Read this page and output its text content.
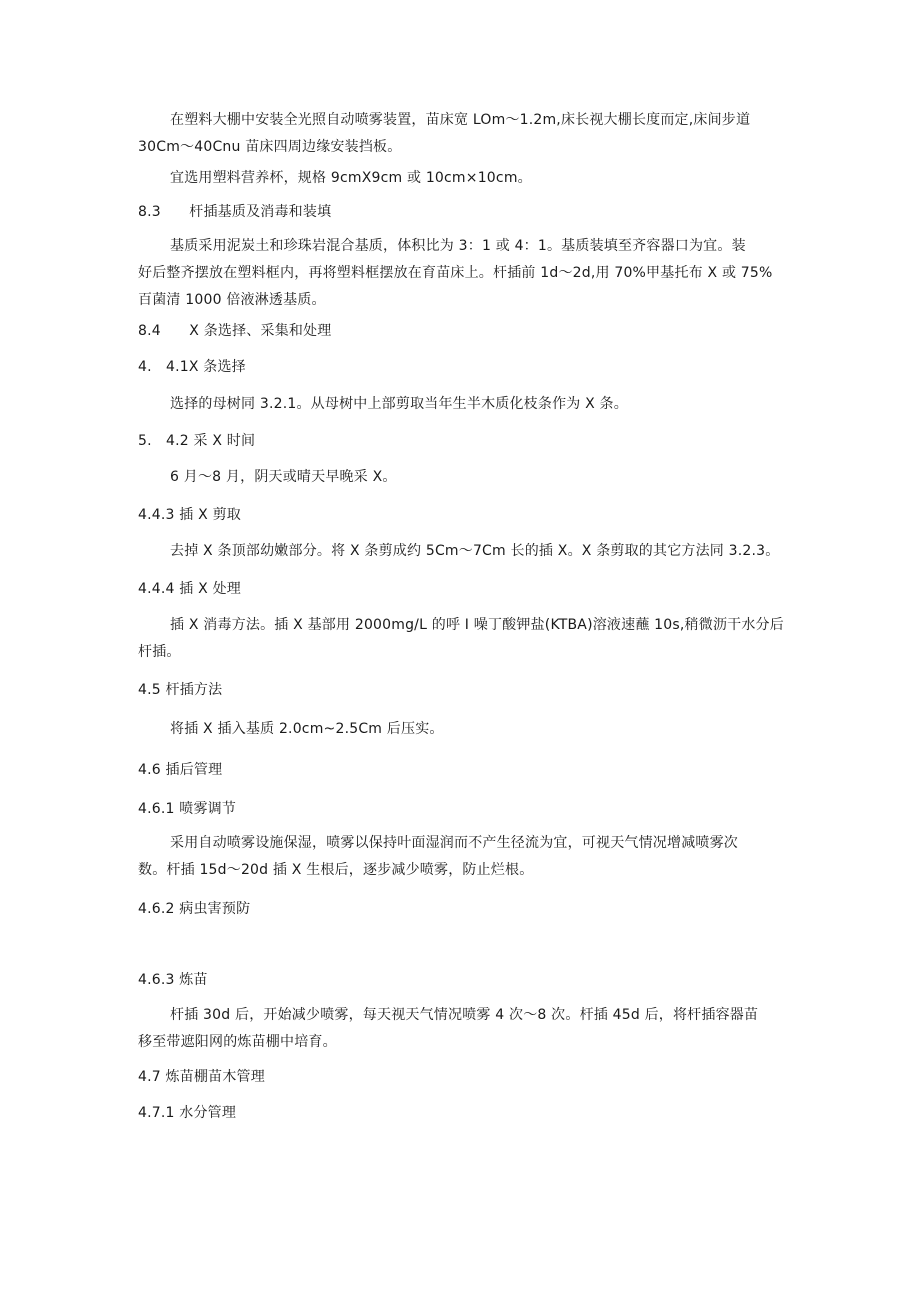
在塑料大棚中安装全光照自动喷雾装置，苗床宽 LOm～1.2m,床长视大棚长度而定,床间步道
30Cm～40Cnu 苗床四周边缘安装挡板。

宜选用塑料营养杯，规格 9cmX9cm 或 10cm×10cm。

8.3　　杆插基质及消毒和装填

基质采用泥炭土和珍珠岩混合基质，体积比为 3：1 或 4：1。基质装填至齐容器口为宜。装
好后整齐摆放在塑料框内，再将塑料框摆放在育苗床上。杆插前 1d～2d,用 70%甲基托布 X 或 75%
百菌清 1000 倍液淋透基质。

8.4　　X 条选择、采集和处理

4.　4.1X 条选择

选择的母树同 3.2.1。从母树中上部剪取当年生半木质化枝条作为 X 条。

5.　4.2 采 X 时间

6 月～8 月，阴天或晴天早晚采 X。

4.4.3 插 X 剪取

去掉 X 条顶部幼嫩部分。将 X 条剪成约 5Cm～7Cm 长的插 X。X 条剪取的其它方法同 3.2.3。

4.4.4 插 X 处理

插 X 消毒方法。插 X 基部用 2000mg/L 的呼 I 噪丁酸钾盐(KTBA)溶液速蘸 10s,稍微沥干水分后
杆插。

4.5 杆插方法

将插 X 插入基质 2.0cm~2.5Cm 后压实。

4.6 插后管理

4.6.1 喷雾调节

采用自动喷雾设施保湿，喷雾以保持叶面湿润而不产生径流为宜，可视天气情况增减喷雾次
数。杆插 15d～20d 插 X 生根后，逐步减少喷雾，防止烂根。

4.6.2 病虫害预防

4.6.3 炼苗

杆插 30d 后，开始减少喷雾，每天视天气情况喷雾 4 次～8 次。杆插 45d 后，将杆插容器苗
移至带遮阳网的炼苗棚中培育。

4.7 炼苗棚苗木管理

4.7.1 水分管理
